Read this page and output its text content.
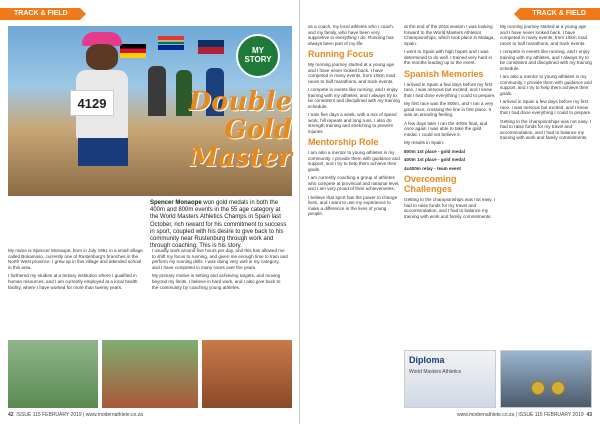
TRACK & FIELD
4129
MY
STORY
Double Gold Master
Spencer Monaope won gold medals in both the 400m and 800m events in the 55 age category at the World Masters Athletics Champs in Spain last October, rich reward for his commitment to success in sport, coupled with his desire to give back to his community near Rustenburg through work and through coaching. This is his story.

My name is Spencer Monaope, born in July 1961 in a small village called Bokamoso, currently one of Rustenburg's branches in the North West province. I grew up in this village and attended school in this area.

I furthered my studies at a tertiary institution where I qualified in human resources, and I am currently employed at a local health facility, where I have worked for more than twenty years.

I usually work around five hours per day, and this has allowed me to shift my focus to running, and given me enough time to train and perform my running drills. I was doing very well in my category, and I have competed in many races over the years.

My primary motive is setting and achieving targets, and moving beyond my limits. I believe in hard work, and I also give back to the community by coaching young athletes.

42 ISSUE 115 FEBRUARY 2019 | www.modernathlete.co.za
TRACK & FIELD

as a coach, my local athletes who I coach, and my family, who have been very supportive in everything I do. Running has always been part of my life.

Running Focus

My running journey started at a young age and I have never looked back. I have competed in many events, from 10km road races to half marathons, and track events.

I compete in events like running, and I enjoy training with my athletes, and I always try to be consistent and disciplined with my training schedule.

I train five days a week, with a mix of speed work, hill repeats and long runs. I also do strength training and stretching to prevent injuries.

Mentorship Role

I am also a mentor to young athletes in my community. I provide them with guidance and support, and I try to help them achieve their goals.

I am currently coaching a group of athletes who compete at provincial and national level, and I am very proud of their achievements.

I believe that sport has the power to change lives, and I want to use my experience to make a difference in the lives of young people.

at the end of the 2018 season I was looking forward to the World Masters Athletics Championships, which took place in Malaga, Spain.

I went to Spain with high hopes and I was determined to do well. I trained very hard in the months leading up to the event.

Spanish Memories

I arrived in Spain a few days before my first race. I was nervous but excited, and I knew that I had done everything I could to prepare.

My first race was the 800m, and I ran a very good race, crossing the line in first place. It was an amazing feeling.

A few days later I ran the 400m final, and once again I was able to take the gold medal. I could not believe it.

My results in Spain:

800m 1st place - gold medal

400m 1st place - gold medal

4x400m relay - team event

Overcoming Challenges

Getting to the championships was not easy. I had to raise funds for my travel and accommodation, and I had to balance my training with work and family commitments.

My running journey started at a young age and I have never looked back. I have competed in many events, from 10km road races to half marathons, and track events.

I compete in events like running, and I enjoy training with my athletes, and I always try to be consistent and disciplined with my training schedule.

I am also a mentor to young athletes in my community. I provide them with guidance and support, and I try to help them achieve their goals.

I arrived in Spain a few days before my first race. I was nervous but excited, and I knew that I had done everything I could to prepare.

Getting to the championships was not easy. I had to raise funds for my travel and accommodation, and I had to balance my training with work and family commitments.

Diploma
World Masters Athletics
www.modernathlete.co.za | ISSUE 115 FEBRUARY 2019 43
